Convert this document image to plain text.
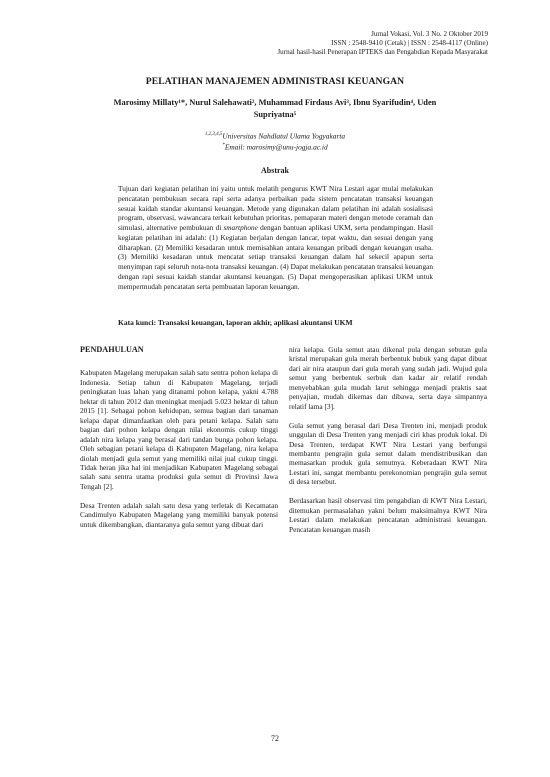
Jurnal Vokasi, Vol. 3 No. 2 Oktober 2019
ISSN : 2548-9410 (Cetak) | ISSN : 2548-4117 (Online)
Jurnal hasil-hasil Penerapan IPTEKS dan Pengabdian Kepada Masyarakat
PELATIHAN MANAJEMEN ADMINISTRASI KEUANGAN
Marosimy Millaty¹*, Nurul Salehawati², Muhammad Firdaus Avi³, Ibnu Syarifudin⁴, Uden
Supriyatna⁵
$^{1,2,3,4,5}$Universitas Nahdlatul Ulama Yogyakarta
*Email: marosimy@unu-jogja.ac.id
Abstrak

Tujuan dari kegiatan pelatihan ini yaitu untuk melatih pengurus KWT Nira Lestari agar mulai melakukan pencatatan pembukuan secara rapi serta adanya perbaikan pada sistem pencatatan transaksi keuangan sesuai kaidah standar akuntansi keuangan. Metode yang digunakan dalam pelatihan ini adalah sosialisasi program, observasi, wawancara terkait kebutuhan prioritas, pemaparan materi dengan metode ceramah dan simulasi, alternative pembukuan di smartphone dengan bantuan aplikasi UKM, serta pendampingan. Hasil kegiatan pelatihan ini adalah: (1) Kegiatan berjalan dengan lancar, tepat waktu, dan sesuai dengan yang diharapkan. (2) Memiliki kesadaran untuk memisahkan antara keuangan pribadi dengan keuangan usaha. (3) Memiliki kesadaran untuk mencatat setiap transaksi keuangan dalam hal sekecil apapun serta menyimpan rapi seluruh nota-nota transaksi keuangan. (4) Dapat melakukan pencatatan transaksi keuangan dengan rapi sesuai kaidah standar akuntansi keuangan. (5) Dapat mengoperasikan aplikasi UKM untuk mempermudah pencatatan serta pembuatan laporan keuangan.

Kata kunci: Transaksi keuangan, laporan akhir, aplikasi akuntansi UKM
PENDAHULUAN

Kabupaten Magelang merupakan salah satu sentra pohon kelapa di Indonesia. Setiap tahun di Kabupaten Magelang, terjadi peningkatan luas lahan yang ditanami pohon kelapa, yakni 4.788 hektar di tahun 2012 dan meningkat menjadi 5.023 hektar di tahun 2015 [1]. Sebagai pohon kehidupan, semua bagian dari tanaman kelapa dapat dimanfaatkan oleh para petani kelapa. Salah satu bagian dari pohon kelapa dengan nilai ekonomis cukup tinggi adalah nira kelapa yang berasal dari tandan bunga pohon kelapa. Oleh sebagian petani kelapa di Kabupaten Magelang, nira kelapa diolah menjadi gula semut yang memiliki nilai jual cukup tinggi. Tidak heran jika hal ini menjadikan Kabupaten Magelang sebagai salah satu sentra utama produksi gula semut di Provinsi Jawa Tengah [2].

Desa Trenten adalah salah satu desa yang terletak di Kecamatan Candimulyo Kabupaten Magelang yang memiliki banyak potensi untuk dikembangkan, diantaranya gula semut yang dibuat dari

nira kelapa. Gula semut atau dikenal pula dengan sebutan gula kristal merupakan gula merah berbentuk bubuk yang dapat dibuat dari air nira ataupun dari gula merah yang sudah jadi. Wujud gula semut yang berbentuk serbuk dan kadar air relatif rendah menyebabkan gula mudah larut sehingga menjadi praktis saat penyajian, mudah dikemas dan dibawa, serta daya simpannya relatif lama [3].

Gula semut yang berasal dari Desa Trenten ini, menjadi produk unggulan di Desa Trenten yang menjadi ciri khas produk lokal. Di Desa Trenten, terdapat KWT Nira Lestari yang berfungsi membantu pengrajin gula semut dalam mendistribusikan dan memasarkan produk gula semutnya. Keberadaan KWT Nira Lestari ini, sangat membantu perekonomian pengrajin gula semut di desa tersebut.

Berdasarkan hasil observasi tim pengabdian di KWT Nira Lestari, ditemukan permasalahan yakni belum maksimalnya KWT Nira Lestari dalam melakukan pencatatan administrasi keuangan. Pencatatan keuangan masih

72
